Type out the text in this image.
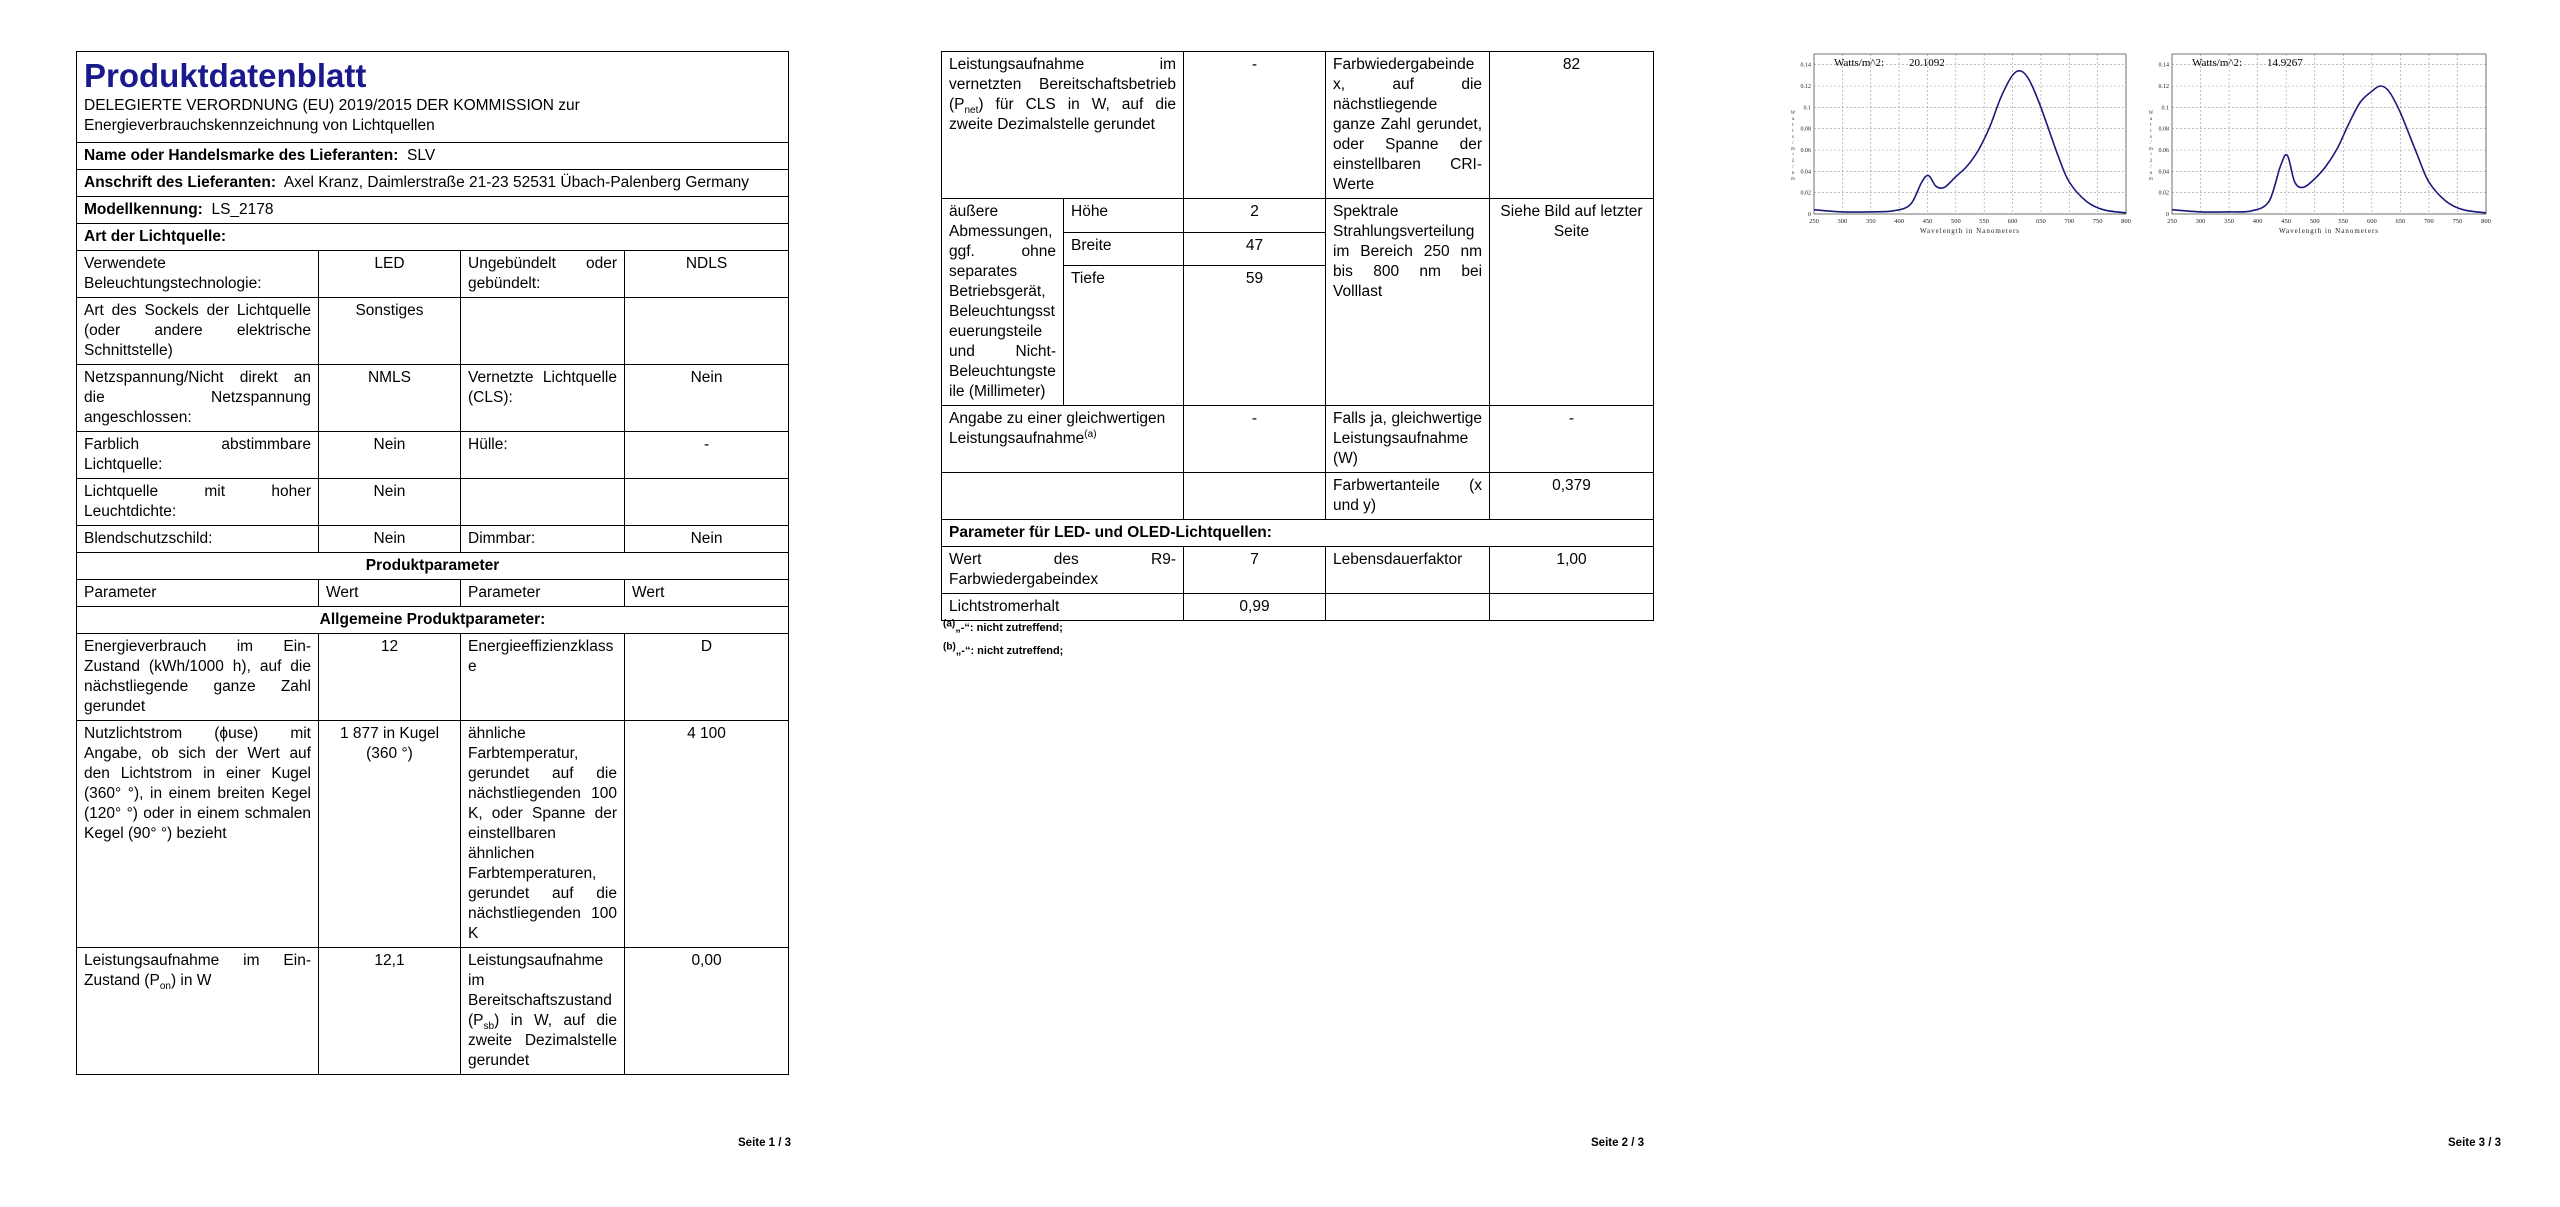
Produktdatenblatt
DELEGIERTE VERORDNUNG (EU) 2019/2015 DER KOMMISSION zur Energieverbrauchskennzeichnung von Lichtquellen			

Name oder Handelsmarke des Lieferanten: SLV			
Anschrift des Lieferanten: Axel Kranz, Daimlerstraße 21-23 52531 Übach-Palenberg Germany			
Modellkennung: LS_2178			
Art der Lichtquelle:			
Verwendete Beleuchtungstechnologie:	LED	Ungebündelt oder gebündelt:	NDLS
Art des Sockels der Lichtquelle (oder andere elektrische Schnittstelle)	Sonstiges		
Netzspannung/Nicht direkt an die Netzspannung angeschlossen:	NMLS	Vernetzte Lichtquelle (CLS):	Nein
Farblich abstimmbare Lichtquelle:	Nein	Hülle:	-
Lichtquelle mit hoher Leuchtdichte:	Nein		
Blendschutzschild:	Nein	Dimmbar:	Nein
Produktparameter			
Parameter	Wert	Parameter	Wert
Allgemeine Produktparameter:			
Energieverbrauch im Ein-Zustand (kWh/1000 h), auf die nächstliegende ganze Zahl gerundet	12	Energieeffizienzklasse	D
Nutzlichtstrom (ϕuse) mit Angabe, ob sich der Wert auf den Lichtstrom in einer Kugel (360° °), in einem breiten Kegel (120° °) oder in einem schmalen Kegel (90° °) bezieht	1 877 in Kugel (360 °)	ähnliche Farbtemperatur, gerundet auf die nächstliegenden 100 K, oder Spanne der einstellbaren ähnlichen Farbtemperaturen, gerundet auf die nächstliegenden 100 K	4 100
Leistungsaufnahme im Ein-Zustand $(P_{on})$ in W	12,1	Leistungsaufnahme im Bereitschaftszustand $(P_{sb})$ in W, auf die zweite Dezimalstelle gerundet	0,00
Seite 1 / 3
Leistungsaufnahme im vernetzten Bereitschaftsbetrieb $(P_{net})$ für CLS in W, auf die zweite Dezimalstelle gerundet		-	Farbwiedergabeindex, auf die nächstliegende ganze Zahl gerundet, oder Spanne der einstellbaren CRI-Werte	82
äußere Abmessungen, ggf. ohne separates Betriebsgerät, Beleuchtungssteuerungsteile und Nicht-Beleuchtungsteile (Millimeter)	Höhe	2	Spektrale Strahlungsverteilung im Bereich 250 nm bis 800 nm bei Volllast	Siehe Bild auf letzter Seite
	Breite	47		
	Tiefe	59		
Angabe zu einer gleichwertigen Leistungsaufnahme$^{(a)}$		-	Falls ja, gleichwertige Leistungsaufnahme (W)	-
			Farbwertanteile (x und y)	0,379
Parameter für LED- und OLED-Lichtquellen:				
Wert des R9-Farbwiedergabeindex		7	Lebensdauerfaktor	1,00
Lichtstromerhalt		0,99		
$^{(a)}$„-“: nicht zutreffend;
$^{(b)}$„-“: nicht zutreffend;
Seite 2 / 3
250	300	350	400	450	500	550	600	650	700	750	800
0
0.02
0.04
0.06
0.08
0.1
0.12
0.14
W
a
t
t
s
/
m
^
2
/
n
m
Wavelength in Nanometers
Watts/m^2: 20.1092
250	300	350	400	450	500	550	600	650	700	750	800
0
0.02
0.04
0.06
0.08
0.1
0.12
0.14
W
a
t
t
s
/
m
^
2
/
n
m
Wavelength in Nanometers
Watts/m^2: 14.9267
Seite 3 / 3
